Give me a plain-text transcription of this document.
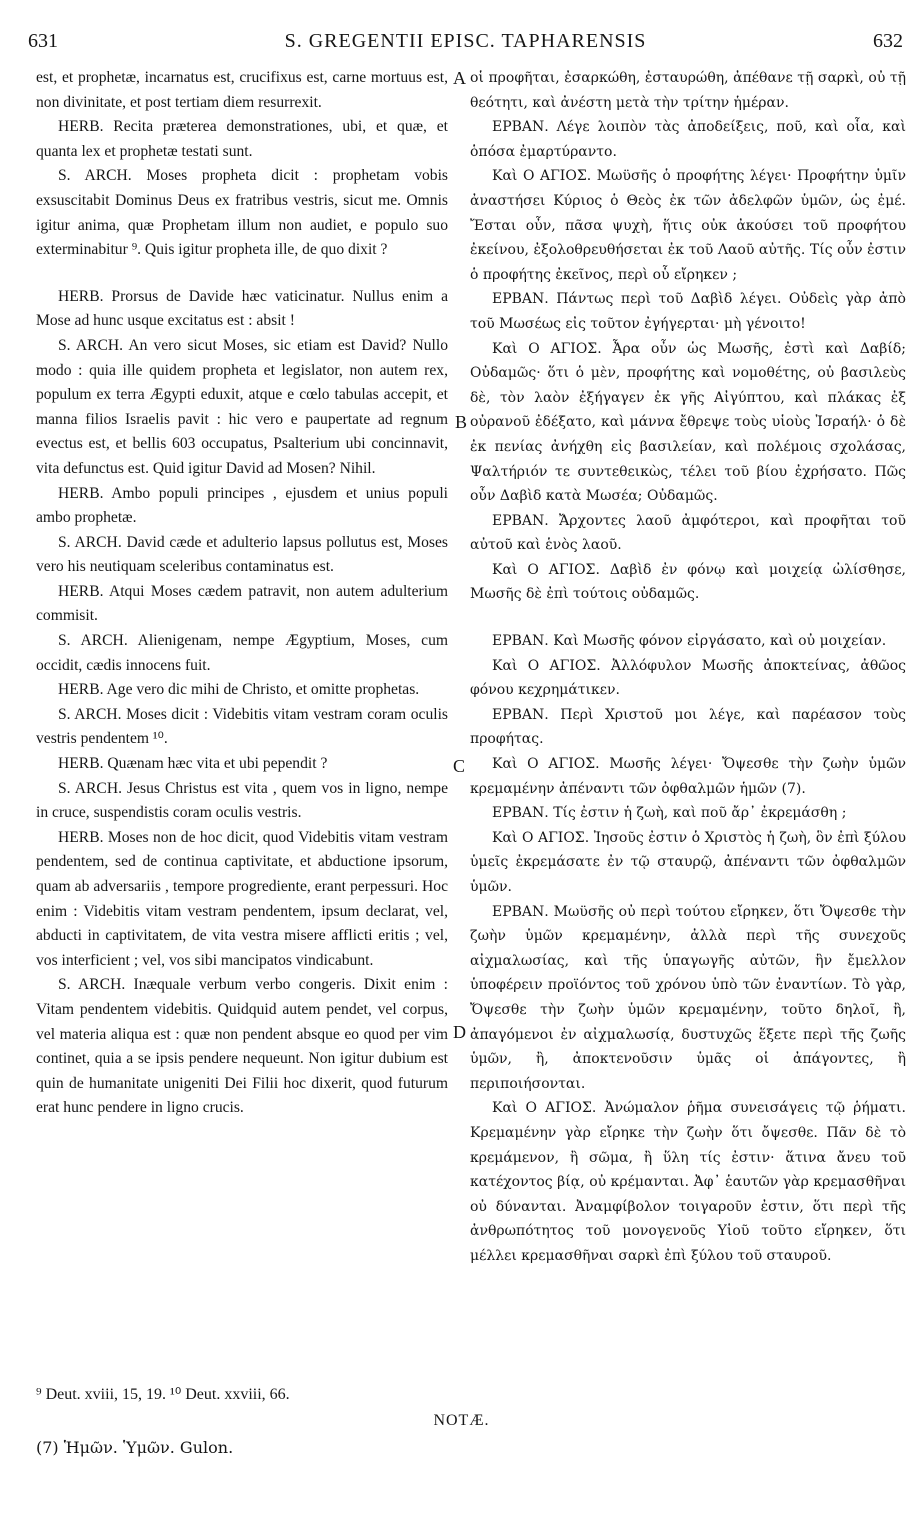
631	S. GREGENTII EPISC. TAPHARENSIS	632

est, et prophetæ, incarnatus est, crucifixus est, carne mortuus est, non divinitate, et post tertiam diem resurrexit.

HERB. Recita præterea demonstrationes, ubi, et quæ, et quanta lex et prophetæ testati sunt.

S. ARCH. Moses propheta dicit : prophetam vobis exsuscitabit Dominus Deus ex fratribus vestris, sicut me. Omnis igitur anima, quæ Prophetam illum non audiet, e populo suo exterminabitur ⁹. Quis igitur propheta ille, de quo dixit ?

HERB. Prorsus de Davide hæc vaticinatur. Nullus enim a Mose ad hunc usque excitatus est : absit !

S. ARCH. An vero sicut Moses, sic etiam est David? Nullo modo : quia ille quidem propheta et legislator, non autem rex, populum ex terra Ægypti eduxit, atque e cœlo tabulas accepit, et manna filios Israelis pavit : hic vero e paupertate ad regnum evectus est, et bellis 603 occupatus, Psalterium ubi concinnavit, vita defunctus est. Quid igitur David ad Mosen? Nihil.

HERB. Ambo populi principes , ejusdem et unius populi ambo prophetæ.

S. ARCH. David cæde et adulterio lapsus pollutus est, Moses vero his neutiquam sceleribus contaminatus est.

HERB. Atqui Moses cædem patravit, non autem adulterium commisit.

S. ARCH. Alienigenam, nempe Ægyptium, Moses, cum occidit, cædis innocens fuit.

HERB. Age vero dic mihi de Christo, et omitte prophetas.

S. ARCH. Moses dicit : Videbitis vitam vestram coram oculis vestris pendentem ¹⁰.

HERB. Quænam hæc vita et ubi pependit ?

S. ARCH. Jesus Christus est vita , quem vos in ligno, nempe in cruce, suspendistis coram oculis vestris.

HERB. Moses non de hoc dicit, quod Videbitis vitam vestram pendentem, sed de continua captivitate, et abductione ipsorum, quam ab adversariis , tempore progrediente, erant perpessuri. Hoc enim : Videbitis vitam vestram pendentem, ipsum declarat, vel, abducti in captivitatem, de vita vestra misere afflicti eritis ; vel, vos interficient ; vel, vos sibi mancipatos vindicabunt.

S. ARCH. Inæquale verbum verbo congeris. Dixit enim : Vitam pendentem videbitis. Quidquid autem pendet, vel corpus, vel materia aliqua est : quæ non pendent absque eo quod per vim continet, quia a se ipsis pendere nequeunt. Non igitur dubium est quin de humanitate unigeniti Dei Filii hoc dixerit, quod futurum erat hunc pendere in ligno crucis.

A
B
C
D

οἱ προφῆται, ἐσαρκώθη, ἐσταυρώθη, ἀπέθανε τῇ σαρκὶ, οὐ τῇ θεότητι, καὶ ἀνέστη μετὰ τὴν τρίτην ἡμέραν.

ΕΡΒΑΝ. Λέγε λοιπὸν τὰς ἀποδείξεις, ποῦ, καὶ οἷα, καὶ ὁπόσα ἐμαρτύραντο.

Καὶ Ο ΑΓΙΟΣ. Μωϋσῆς ὁ προφήτης λέγει· Προφήτην ὑμῖν ἀναστήσει Κύριος ὁ Θεὸς ἐκ τῶν ἀδελφῶν ὑμῶν, ὡς ἐμέ. Ἔσται οὖν, πᾶσα ψυχὴ, ἥτις οὐκ ἀκούσει τοῦ προφήτου ἐκείνου, ἐξολοθρευθήσεται ἐκ τοῦ Λαοῦ αὐτῆς. Τίς οὖν ἐστιν ὁ προφήτης ἐκεῖνος, περὶ οὗ εἴρηκεν ;

ΕΡΒΑΝ. Πάντως περὶ τοῦ Δαβὶδ λέγει. Οὐδεὶς γὰρ ἀπὸ τοῦ Μωσέως εἰς τοῦτον ἐγήγερται· μὴ γένοιτο!

Καὶ Ο ΑΓΙΟΣ. Ἆρα οὖν ὡς Μωσῆς, ἐστὶ καὶ Δαβίδ; Οὐδαμῶς· ὅτι ὁ μὲν, προφήτης καὶ νομοθέτης, οὐ βασιλεὺς δὲ, τὸν λαὸν ἐξήγαγεν ἐκ γῆς Αἰγύπτου, καὶ πλάκας ἐξ οὐρανοῦ ἐδέξατο, καὶ μάννα ἔθρεψε τοὺς υἱοὺς Ἰσραήλ· ὁ δὲ ἐκ πενίας ἀνήχθη εἰς βασιλείαν, καὶ πολέμοις σχολάσας, Ψαλτήριόν τε συντεθεικὼς, τέλει τοῦ βίου ἐχρήσατο. Πῶς οὖν Δαβὶδ κατὰ Μωσέα; Οὐδαμῶς.

ΕΡΒΑΝ. Ἄρχοντες λαοῦ ἀμφότεροι, καὶ προφῆται τοῦ αὐτοῦ καὶ ἑνὸς λαοῦ.

Καὶ Ο ΑΓΙΟΣ. Δαβὶδ ἐν φόνῳ καὶ μοιχείᾳ ὠλίσθησε, Μωσῆς δὲ ἐπὶ τούτοις οὐδαμῶς.

ΕΡΒΑΝ. Καὶ Μωσῆς φόνον εἰργάσατο, καὶ οὐ μοιχείαν.

Καὶ Ο ΑΓΙΟΣ. Ἀλλόφυλον Μωσῆς ἀποκτείνας, ἀθῶος φόνου κεχρημάτικεν.

ΕΡΒΑΝ. Περὶ Χριστοῦ μοι λέγε, καὶ παρέασον τοὺς προφήτας.

Καὶ Ο ΑΓΙΟΣ. Μωσῆς λέγει· Ὄψεσθε τὴν ζωὴν ὑμῶν κρεμαμένην ἀπέναντι τῶν ὀφθαλμῶν ἡμῶν (7).

ΕΡΒΑΝ. Τίς ἐστιν ἡ ζωὴ, καὶ ποῦ ἄρ᾽ ἐκρεμάσθη ;

Καὶ Ο ΑΓΙΟΣ. Ἰησοῦς ἐστιν ὁ Χριστὸς ἡ ζωὴ, ὃν ἐπὶ ξύλου ὑμεῖς ἐκρεμάσατε ἐν τῷ σταυρῷ, ἀπέναντι τῶν ὀφθαλμῶν ὑμῶν.

ΕΡΒΑΝ. Μωϋσῆς οὐ περὶ τούτου εἴρηκεν, ὅτι Ὄψεσθε τὴν ζωὴν ὑμῶν κρεμαμένην, ἀλλὰ περὶ τῆς συνεχοῦς αἰχμαλωσίας, καὶ τῆς ὑπαγωγῆς αὐτῶν, ἣν ἔμελλον ὑποφέρειν προϊόντος τοῦ χρόνου ὑπὸ τῶν ἐναντίων. Τὸ γὰρ, Ὄψεσθε τὴν ζωὴν ὑμῶν κρεμαμένην, τοῦτο δηλοῖ, ἢ, ἀπαγόμενοι ἐν αἰχμαλωσίᾳ, δυστυχῶς ἕξετε περὶ τῆς ζωῆς ὑμῶν, ἢ, ἀποκτενοῦσιν ὑμᾶς οἱ ἀπάγοντες, ἢ περιποιήσονται.

Καὶ Ο ΑΓΙΟΣ. Ἀνώμαλον ῥῆμα συνεισάγεις τῷ ῥήματι. Κρεμαμένην γὰρ εἴρηκε τὴν ζωὴν ὅτι ὄψεσθε. Πᾶν δὲ τὸ κρεμάμενον, ἢ σῶμα, ἢ ὕλη τίς ἐστιν· ἅτινα ἄνευ τοῦ κατέχοντος βίᾳ, οὐ κρέμανται. Ἀφ᾽ ἑαυτῶν γὰρ κρεμασθῆναι οὐ δύνανται. Ἀναμφίβολον τοιγαροῦν ἐστιν, ὅτι περὶ τῆς ἀνθρωπότητος τοῦ μονογενοῦς Υἱοῦ τοῦτο εἴρηκεν, ὅτι μέλλει κρεμασθῆναι σαρκὶ ἐπὶ ξύλου τοῦ σταυροῦ.

⁹ Deut. xviii, 15, 19. ¹⁰ Deut. xxviii, 66.
NOTÆ.
(7) Ἡμῶν. Ὑμῶν. Gulon.
